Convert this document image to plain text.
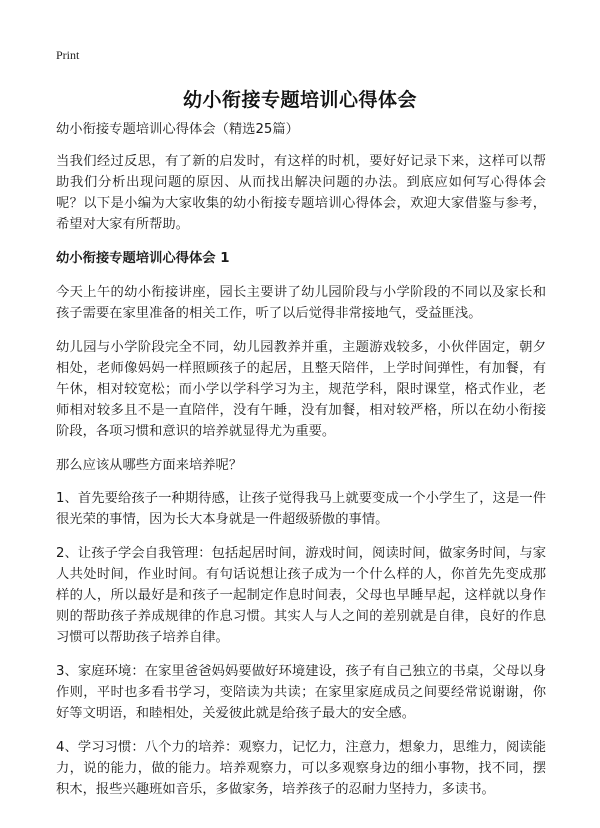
Print
幼小衔接专题培训心得体会

幼小衔接专题培训心得体会（精选25篇）

当我们经过反思，有了新的启发时，有这样的时机，要好好记录下来，这样可以帮助我们分析出现问题的原因、从而找出解决问题的办法。到底应如何写心得体会呢？以下是小编为大家收集的幼小衔接专题培训心得体会，欢迎大家借鉴与参考，希望对大家有所帮助。

幼小衔接专题培训心得体会 1

今天上午的幼小衔接讲座，园长主要讲了幼儿园阶段与小学阶段的不同以及家长和孩子需要在家里准备的相关工作，听了以后觉得非常接地气，受益匪浅。

幼儿园与小学阶段完全不同，幼儿园教养并重，主题游戏较多，小伙伴固定，朝夕相处，老师像妈妈一样照顾孩子的起居，且整天陪伴，上学时间弹性，有加餐，有午休，相对较宽松；而小学以学科学习为主，规范学科，限时课堂，格式作业，老师相对较多且不是一直陪伴，没有午睡，没有加餐，相对较严格，所以在幼小衔接阶段，各项习惯和意识的培养就显得尤为重要。

那么应该从哪些方面来培养呢？

1、首先要给孩子一种期待感，让孩子觉得我马上就要变成一个小学生了，这是一件很光荣的事情，因为长大本身就是一件超级骄傲的事情。

2、让孩子学会自我管理：包括起居时间，游戏时间，阅读时间，做家务时间，与家人共处时间，作业时间。有句话说想让孩子成为一个什么样的人，你首先先变成那样的人，所以最好是和孩子一起制定作息时间表，父母也早睡早起，这样就以身作则的帮助孩子养成规律的作息习惯。其实人与人之间的差别就是自律，良好的作息习惯可以帮助孩子培养自律。

3、家庭环境：在家里爸爸妈妈要做好环境建设，孩子有自己独立的书桌，父母以身作则，平时也多看书学习，变陪读为共读；在家里家庭成员之间要经常说谢谢，你好等文明语，和睦相处，关爱彼此就是给孩子最大的安全感。

4、学习习惯：八个力的培养：观察力，记忆力，注意力，想象力，思维力，阅读能力，说的能力，做的能力。培养观察力，可以多观察身边的细小事物，找不同，摆积木，报些兴趣班如音乐，多做家务，培养孩子的忍耐力坚持力，多读书。
